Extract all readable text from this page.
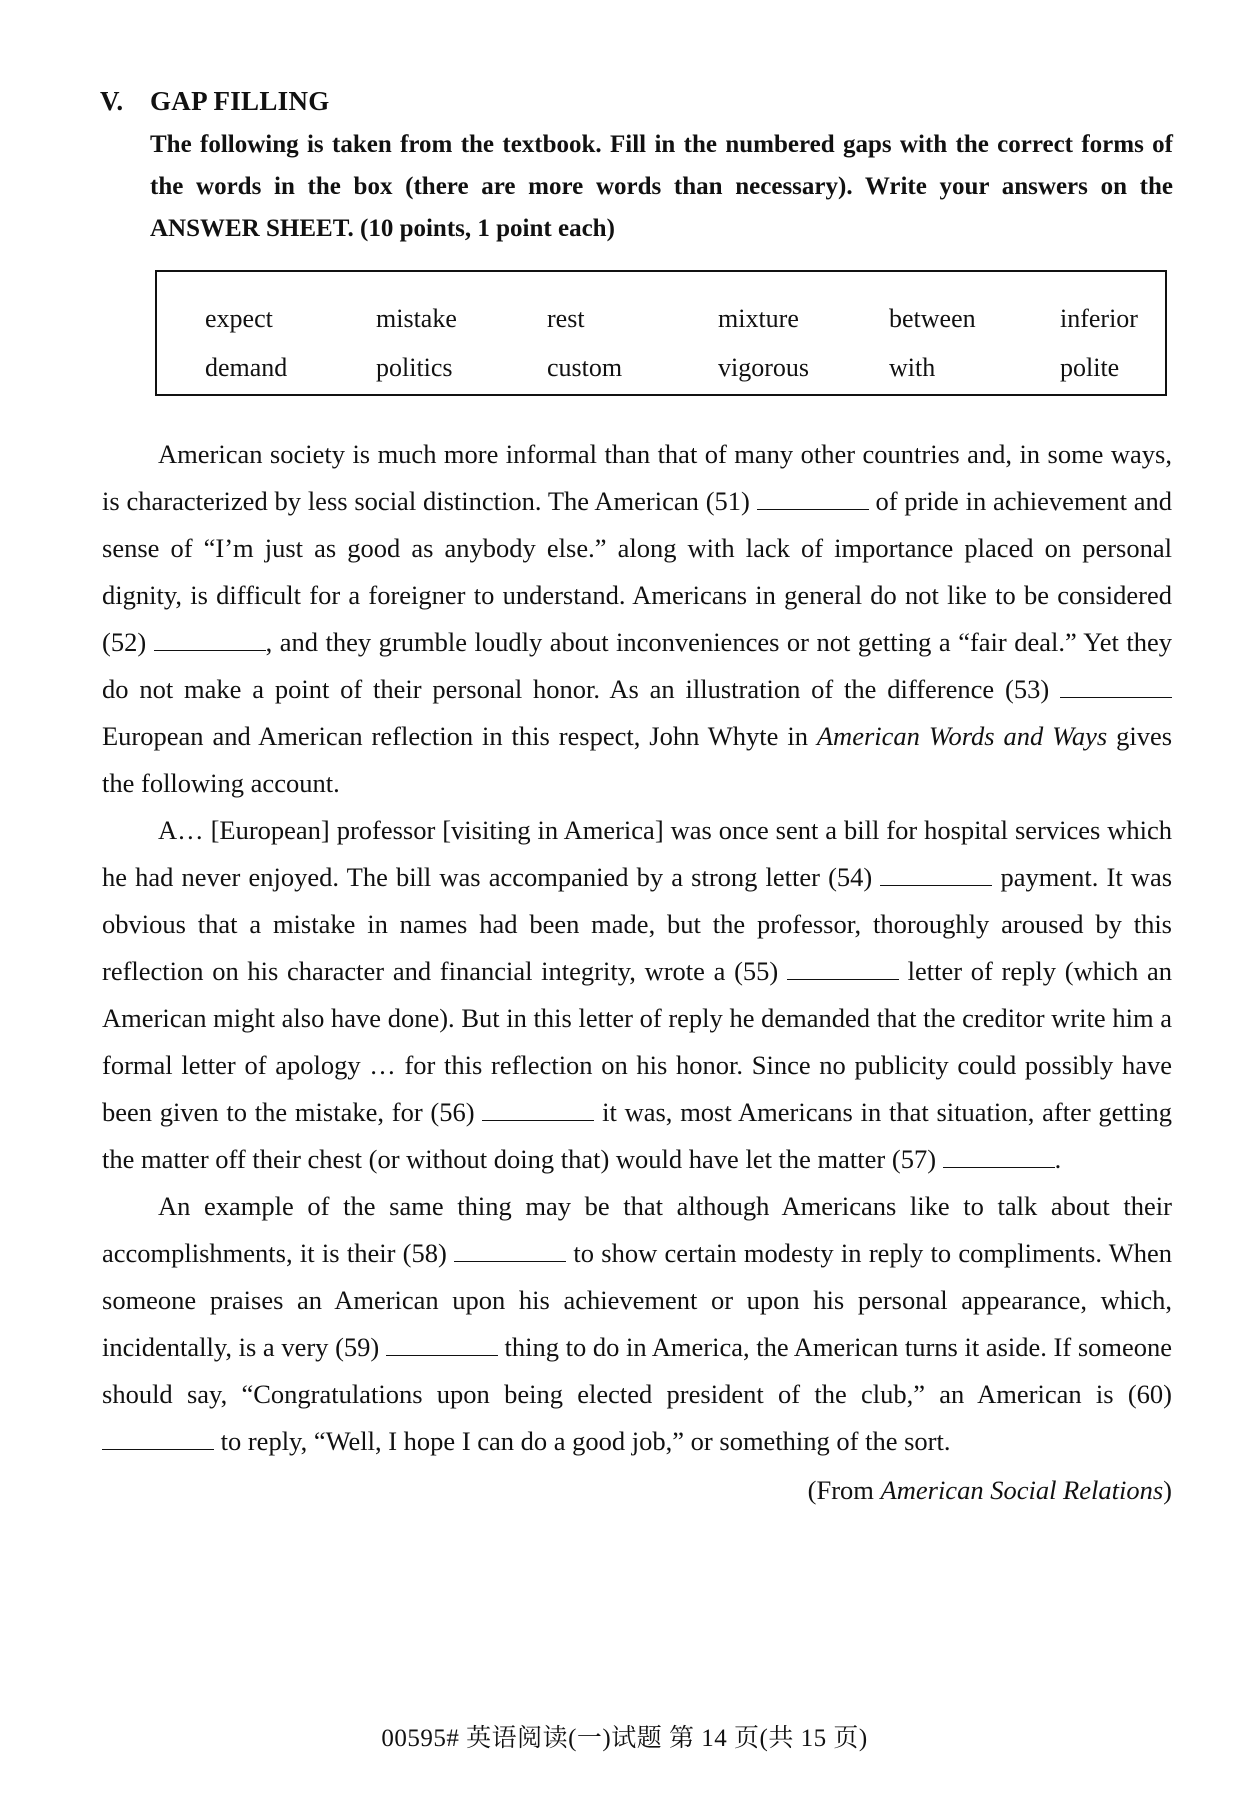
V. GAP FILLING
The following is taken from the textbook. Fill in the numbered gaps with the correct forms of the words in the box (there are more words than necessary). Write your answers on the ANSWER SHEET. (10 points, 1 point each)
expect	mistake	rest	mixture	between	inferior
demand	politics	custom	vigorous	with	polite

American society is much more informal than that of many other countries and, in some ways, is characterized by less social distinction. The American (51)	of pride in achievement and sense of “I’m just as good as anybody else.” along with lack of importance placed on personal dignity, is difficult for a foreigner to understand. Americans in general do not like to be considered (52)	, and they grumble loudly about inconveniences or not getting a “fair deal.” Yet they do not make a point of their personal honor. As an illustration of the difference (53)  European and American reflection in this respect, John Whyte in American Words and Ways gives the following account.

A… [European] professor [visiting in America] was once sent a bill for hospital services which he had never enjoyed. The bill was accompanied by a strong letter (54)	payment. It was obvious that a mistake in names had been made, but the professor, thoroughly aroused by this reflection on his character and financial integrity, wrote a (55)	letter of reply (which an American might also have done). But in this letter of reply he demanded that the creditor write him a formal letter of apology … for this reflection on his honor. Since no publicity could possibly have been given to the mistake, for (56)	it was, most Americans in that situation, after getting the matter off their chest (or without doing that) would have let the matter (57)	.

An example of the same thing may be that although Americans like to talk about their accomplishments, it is their (58)	to show certain modesty in reply to compliments. When someone praises an American upon his achievement or upon his personal appearance, which, incidentally, is a very (59)	thing to do in America, the American turns it aside. If someone should say, “Congratulations upon being elected president of the club,” an American is (60)  to reply, “Well, I hope I can do a good job,” or something of the sort.

(From American Social Relations)
00595# 英语阅读(一)试题 第 14 页(共 15 页)
